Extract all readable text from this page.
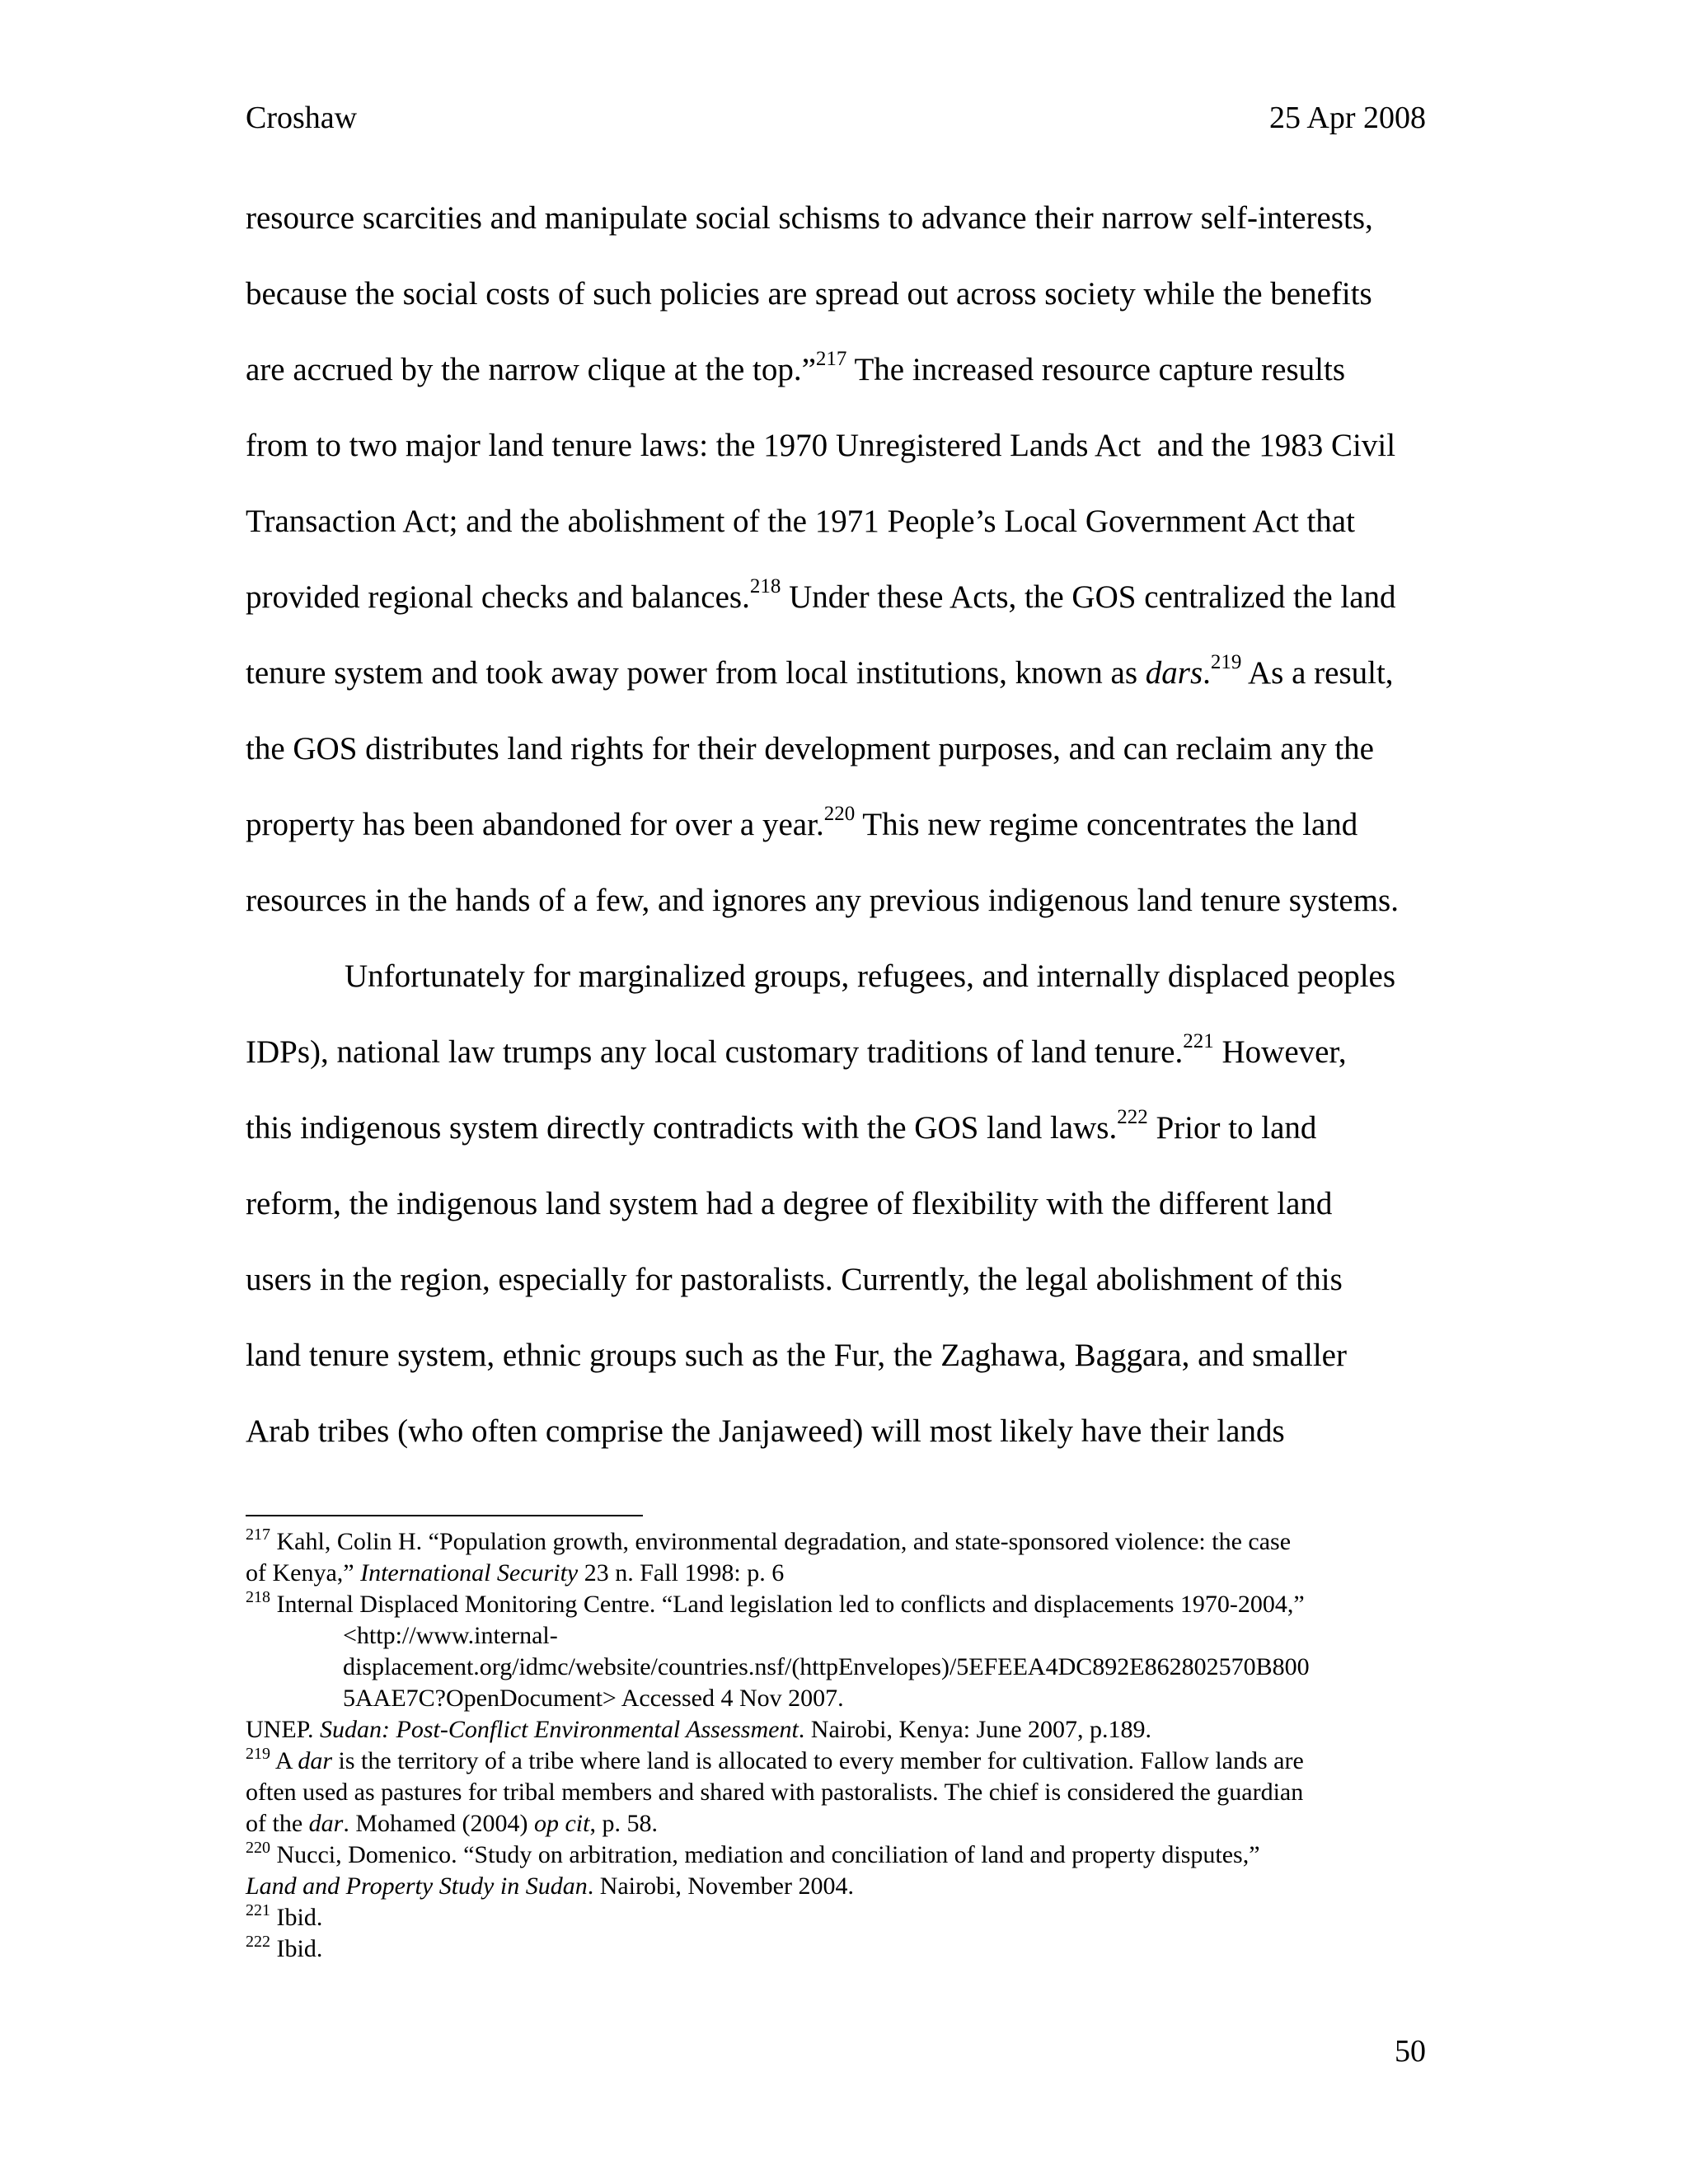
Croshaw	25 Apr 2008
resource scarcities and manipulate social schisms to advance their narrow self-interests,
because the social costs of such policies are spread out across society while the benefits
are accrued by the narrow clique at the top.”$^{217}$ The increased resource capture results
from to two major land tenure laws: the 1970 Unregistered Lands Act  and the 1983 Civil
Transaction Act; and the abolishment of the 1971 People’s Local Government Act that
provided regional checks and balances.$^{218}$ Under these Acts, the GOS centralized the land
tenure system and took away power from local institutions, known as dars.$^{219}$ As a result,
the GOS distributes land rights for their development purposes, and can reclaim any the
property has been abandoned for over a year.$^{220}$ This new regime concentrates the land
resources in the hands of a few, and ignores any previous indigenous land tenure systems.
Unfortunately for marginalized groups, refugees, and internally displaced peoples
IDPs), national law trumps any local customary traditions of land tenure.$^{221}$ However,
this indigenous system directly contradicts with the GOS land laws.$^{222}$ Prior to land
reform, the indigenous land system had a degree of flexibility with the different land
users in the region, especially for pastoralists. Currently, the legal abolishment of this
land tenure system, ethnic groups such as the Fur, the Zaghawa, Baggara, and smaller
Arab tribes (who often comprise the Janjaweed) will most likely have their lands
$^{217}$ Kahl, Colin H. “Population growth, environmental degradation, and state-sponsored violence: the case
of Kenya,” International Security 23 n. Fall 1998: p. 6
$^{218}$ Internal Displaced Monitoring Centre. “Land legislation led to conflicts and displacements 1970-2004,”
<http://www.internal-
displacement.org/idmc/website/countries.nsf/(httpEnvelopes)/5EFEEA4DC892E862802570B800
5AAE7C?OpenDocument> Accessed 4 Nov 2007.
UNEP. Sudan: Post-Conflict Environmental Assessment. Nairobi, Kenya: June 2007, p.189.
$^{219}$ A dar is the territory of a tribe where land is allocated to every member for cultivation. Fallow lands are
often used as pastures for tribal members and shared with pastoralists. The chief is considered the guardian
of the dar. Mohamed (2004) op cit, p. 58.
$^{220}$ Nucci, Domenico. “Study on arbitration, mediation and conciliation of land and property disputes,”
Land and Property Study in Sudan. Nairobi, November 2004.
$^{221}$ Ibid.
$^{222}$ Ibid.
50
